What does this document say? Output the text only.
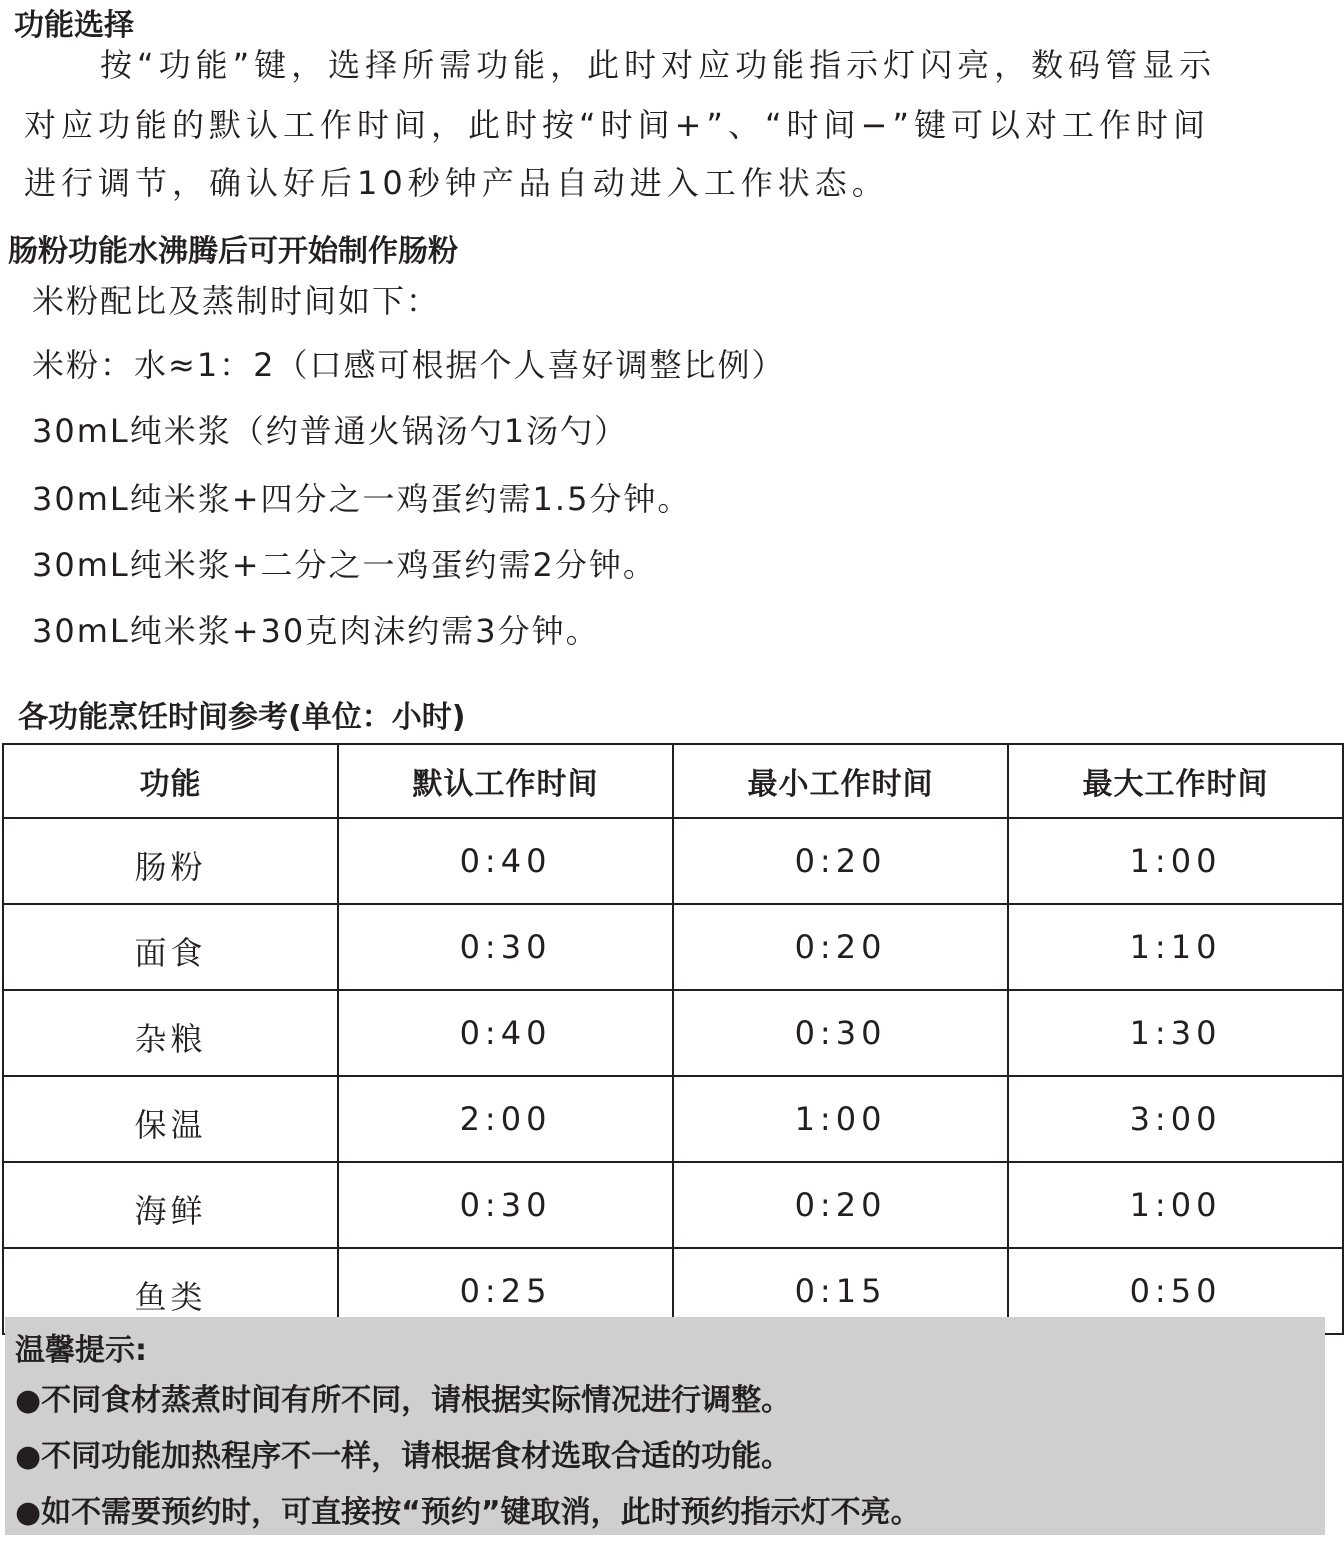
功能选择
按“功能”键，选择所需功能，此时对应功能指示灯闪亮，数码管显示
对应功能的默认工作时间，此时按“时间+”、“时间−”键可以对工作时间
进行调节，确认好后10秒钟产品自动进入工作状态。
肠粉功能水沸腾后可开始制作肠粉
米粉配比及蒸制时间如下：
米粉：水≈1：2（口感可根据个人喜好调整比例）
30mL纯米浆（约普通火锅汤勺1汤勺）
30mL纯米浆+四分之一鸡蛋约需1.5分钟。
30mL纯米浆+二分之一鸡蛋约需2分钟。
30mL纯米浆+30克肉沫约需3分钟。
各功能烹饪时间参考(单位：小时)
功能	默认工作时间	最小工作时间	最大工作时间
肠粉	0:40	0:20	1:00
面食	0:30	0:20	1:10
杂粮	0:40	0:30	1:30
保温	2:00	1:00	3:00
海鲜	0:30	0:20	1:00
鱼类	0:25	0:15	0:50
温馨提示:
●不同食材蒸煮时间有所不同，请根据实际情况进行调整。
●不同功能加热程序不一样，请根据食材选取合适的功能。
●如不需要预约时，可直接按“预约”键取消，此时预约指示灯不亮。
